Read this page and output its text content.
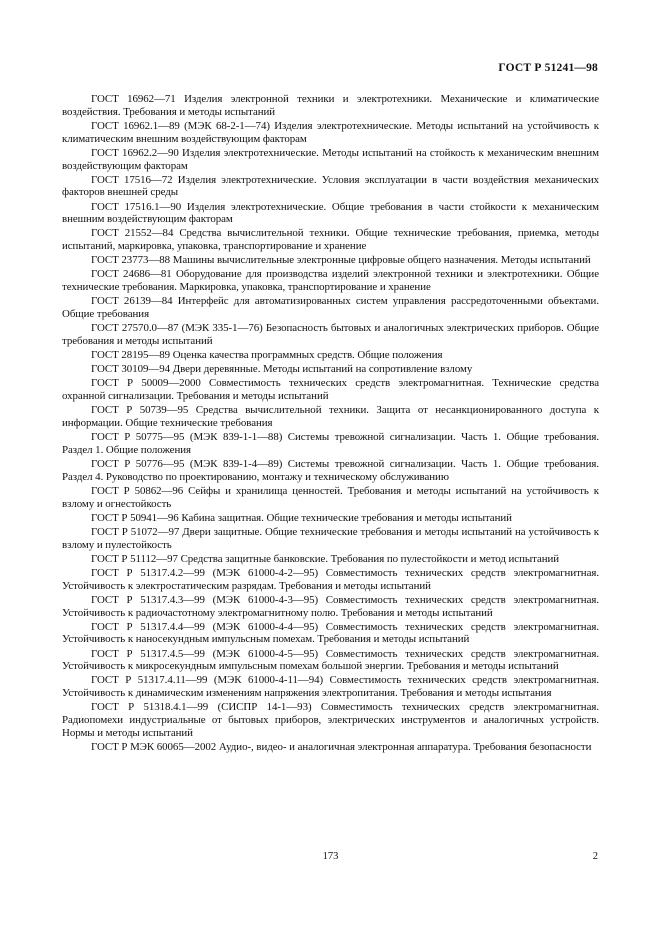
ГОСТ Р 51241—98

ГОСТ 16962—71 Изделия электронной техники и электротехники. Механические и климатические воздействия. Требования и методы испытаний

ГОСТ 16962.1—89 (МЭК 68-2-1—74) Изделия электротехнические. Методы испытаний на устойчивость к климатическим внешним воздействующим факторам

ГОСТ 16962.2—90 Изделия электротехнические. Методы испытаний на стойкость к механическим внешним воздействующим факторам

ГОСТ 17516—72 Изделия электротехнические. Условия эксплуатации в части воздействия механических факторов внешней среды

ГОСТ 17516.1—90 Изделия электротехнические. Общие требования в части стойкости к механическим внешним воздействующим факторам

ГОСТ 21552—84 Средства вычислительной техники. Общие технические требования, приемка, методы испытаний, маркировка, упаковка, транспортирование и хранение

ГОСТ 23773—88 Машины вычислительные электронные цифровые общего назначения. Методы испытаний

ГОСТ 24686—81 Оборудование для производства изделий электронной техники и электротехники. Общие технические требования. Маркировка, упаковка, транспортирование и хранение

ГОСТ 26139—84 Интерфейс для автоматизированных систем управления рассредоточенными объектами. Общие требования

ГОСТ 27570.0—87 (МЭК 335-1—76) Безопасность бытовых и аналогичных электрических приборов. Общие требования и методы испытаний

ГОСТ 28195—89 Оценка качества программных средств. Общие положения

ГОСТ 30109—94 Двери деревянные. Методы испытаний на сопротивление взлому

ГОСТ Р 50009—2000 Совместимость технических средств электромагнитная. Технические средства охранной сигнализации. Требования и методы испытаний

ГОСТ Р 50739—95 Средства вычислительной техники. Защита от несанкционированного доступа к информации. Общие технические требования

ГОСТ Р 50775—95 (МЭК 839-1-1—88) Системы тревожной сигнализации. Часть 1. Общие требования. Раздел 1. Общие положения

ГОСТ Р 50776—95 (МЭК 839-1-4—89) Системы тревожной сигнализации. Часть 1. Общие требования. Раздел 4. Руководство по проектированию, монтажу и техническому обслуживанию

ГОСТ Р 50862—96 Сейфы и хранилища ценностей. Требования и методы испытаний на устойчивость к взлому и огнестойкость

ГОСТ Р 50941—96 Кабина защитная. Общие технические требования и методы испытаний

ГОСТ Р 51072—97 Двери защитные. Общие технические требования и методы испытаний на устойчивость к взлому и пулестойкость

ГОСТ Р 51112—97 Средства защитные банковские. Требования по пулестойкости и метод испытаний

ГОСТ Р 51317.4.2—99 (МЭК 61000-4-2—95) Совместимость технических средств электромагнитная. Устойчивость к электростатическим разрядам. Требования и методы испытаний

ГОСТ Р 51317.4.3—99 (МЭК 61000-4-3—95) Совместимость технических средств электромагнитная. Устойчивость к радиочастотному электромагнитному полю. Требования и методы испытаний

ГОСТ Р 51317.4.4—99 (МЭК 61000-4-4—95) Совместимость технических средств электромагнитная. Устойчивость к наносекундным импульсным помехам. Требования и методы испытаний

ГОСТ Р 51317.4.5—99 (МЭК 61000-4-5—95) Совместимость технических средств электромагнитная. Устойчивость к микросекундным импульсным помехам большой энергии. Требования и методы испытаний

ГОСТ Р 51317.4.11—99 (МЭК 61000-4-11—94) Совместимость технических средств электромагнитная. Устойчивость к динамическим изменениям напряжения электропитания. Требования и методы испытания

ГОСТ Р 51318.4.1—99 (СИСПР 14-1—93) Совместимость технических средств электромагнитная. Радиопомехи индустриальные от бытовых приборов, электрических инструментов и аналогичных устройств. Нормы и методы испытаний

ГОСТ Р МЭК 60065—2002 Аудио-, видео- и аналогичная электронная аппаратура. Требования безопасности

173	2
